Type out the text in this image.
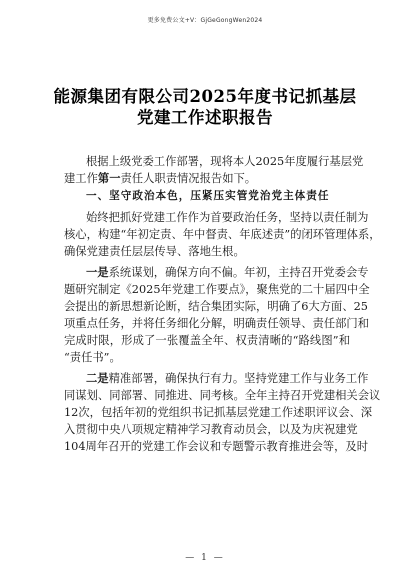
更多免费公文+V：GjGeGongWen2024
能源集团有限公司2025年度书记抓基层
党建工作述职报告
根据上级党委工作部署，现将本人2025年度履行基层党
建工作第一责任人职责情况报告如下。
一、坚守政治本色，压紧压实管党治党主体责任
始终把抓好党建工作作为首要政治任务，坚持以责任制为
核心，构建“年初定责、年中督责、年底述责”的闭环管理体系，
确保党建责任层层传导、落地生根。
一是系统谋划，确保方向不偏。年初，主持召开党委会专
题研究制定《2025年党建工作要点》，聚焦党的二十届四中全
会提出的新思想新论断，结合集团实际，明确了6大方面、25
项重点任务，并将任务细化分解，明确责任领导、责任部门和
完成时限，形成了一张覆盖全年、权责清晰的“路线图”和
“责任书”。
二是精准部署，确保执行有力。坚持党建工作与业务工作
同谋划、同部署、同推进、同考核。全年主持召开党建相关会议
12次，包括年初的党组织书记抓基层党建工作述职评议会、深
入贯彻中央八项规定精神学习教育动员会，以及为庆祝建党
104周年召开的党建工作会议和专题警示教育推进会等，及时
— 1 —
